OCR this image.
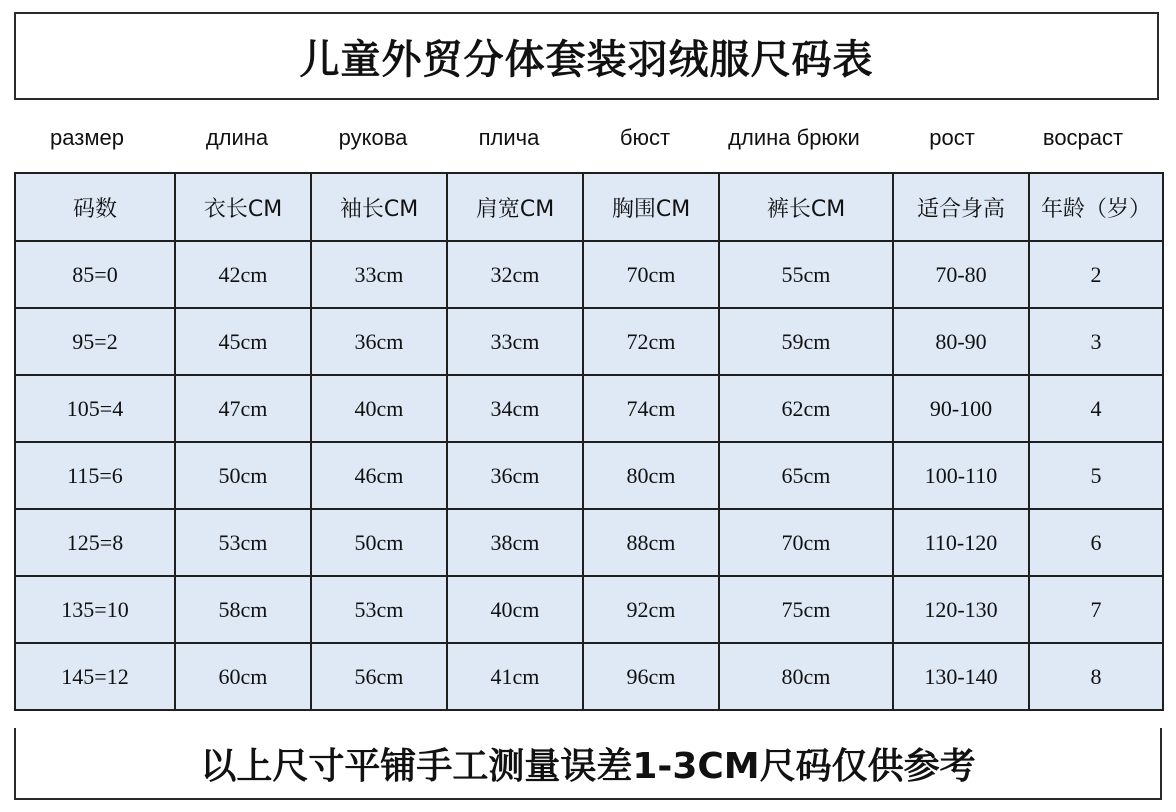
儿童外贸分体套装羽绒服尺码表
размер	длина	рукова	плича	бюст	длина брюки	рост	восраст
码数	衣长CM	袖长CM	肩宽CM	胸围CM	裤长CM	适合身高	年龄（岁）
85=0	42cm	33cm	32cm	70cm	55cm	70-80	2
95=2	45cm	36cm	33cm	72cm	59cm	80-90	3
105=4	47cm	40cm	34cm	74cm	62cm	90-100	4
115=6	50cm	46cm	36cm	80cm	65cm	100-110	5
125=8	53cm	50cm	38cm	88cm	70cm	110-120	6
135=10	58cm	53cm	40cm	92cm	75cm	120-130	7
145=12	60cm	56cm	41cm	96cm	80cm	130-140	8
以上尺寸平铺手工测量误差1-3CM尺码仅供参考
